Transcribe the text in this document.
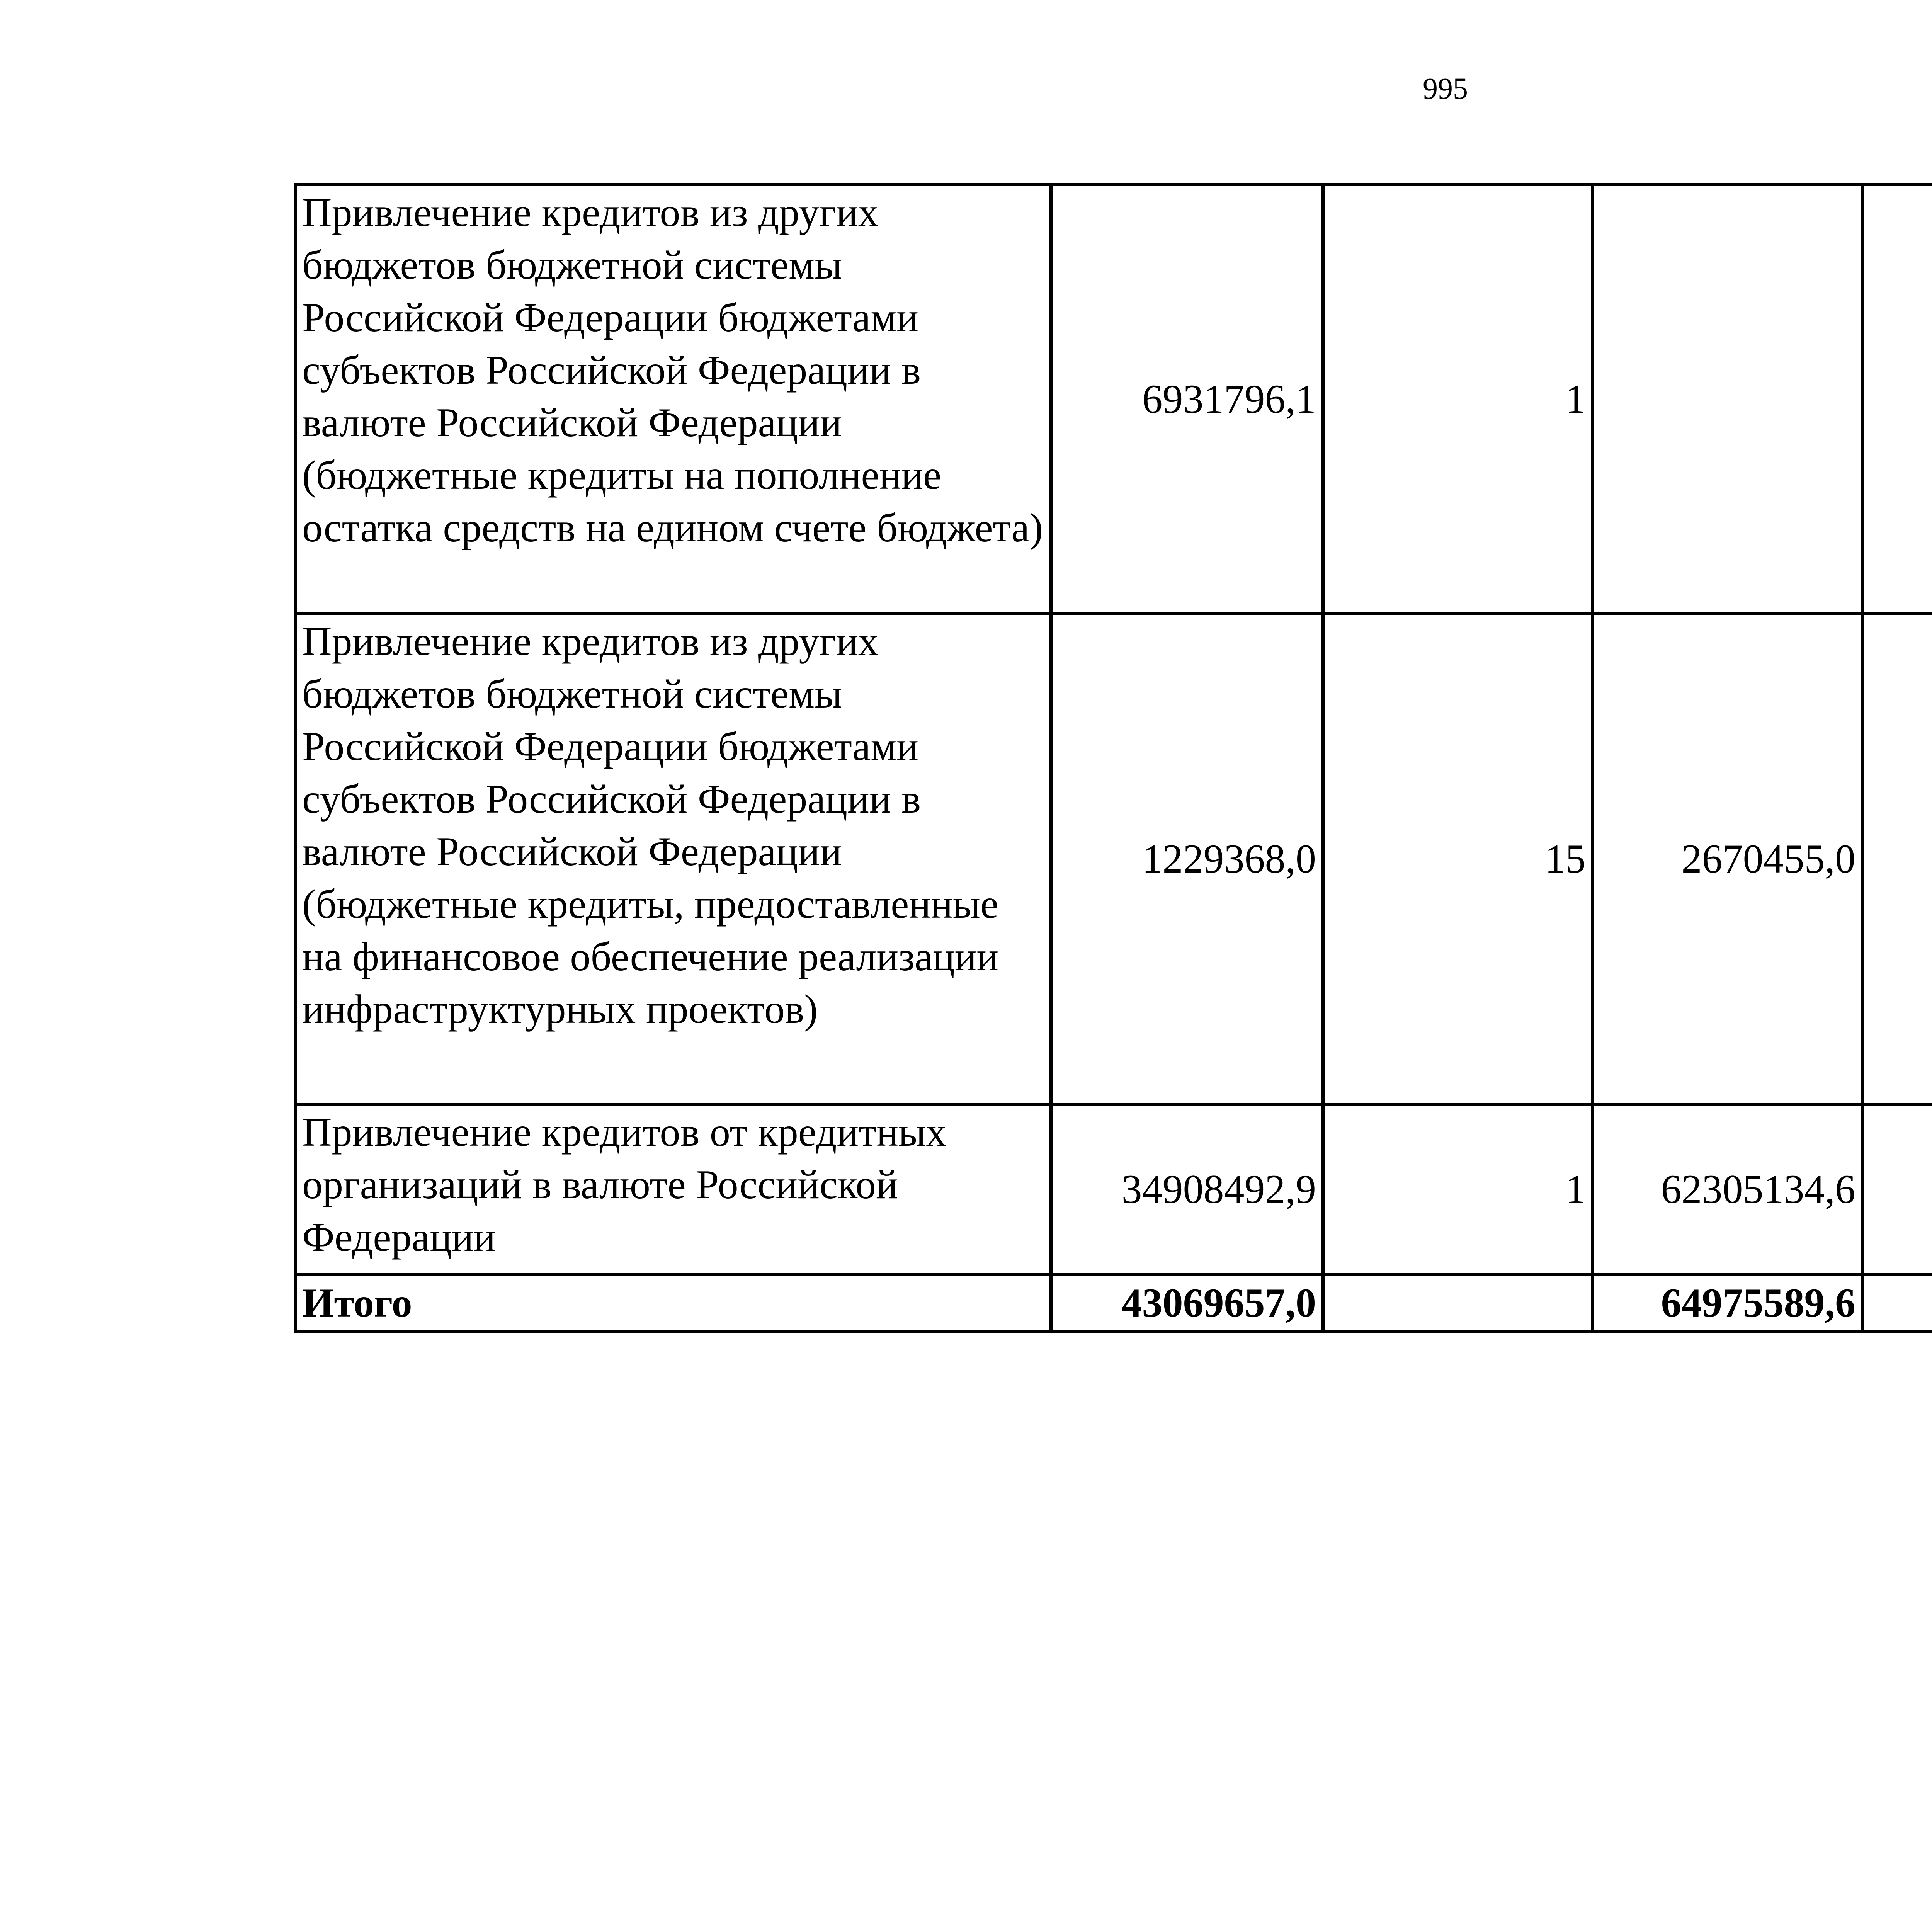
995
Привлечение кредитов из других бюджетов бюджетной системы Российской Федерации бюджетами субъектов Российской Федерации в валюте Российской Федерации (бюджетные кредиты на пополнение остатка средств на едином счете бюджета)	6931796,1	1				
Привлечение кредитов из других бюджетов бюджетной системы Российской Федерации бюджетами субъектов Российской Федерации в валюте Российской Федерации (бюджетные кредиты, предоставленные на финансовое обеспечение реализации инфраструктурных проектов)	1229368,0	15	2670455,0			
Привлечение кредитов от кредитных организаций в валюте Российской Федерации	34908492,9	1	62305134,6			
Итого	43069657,0		64975589,6			
